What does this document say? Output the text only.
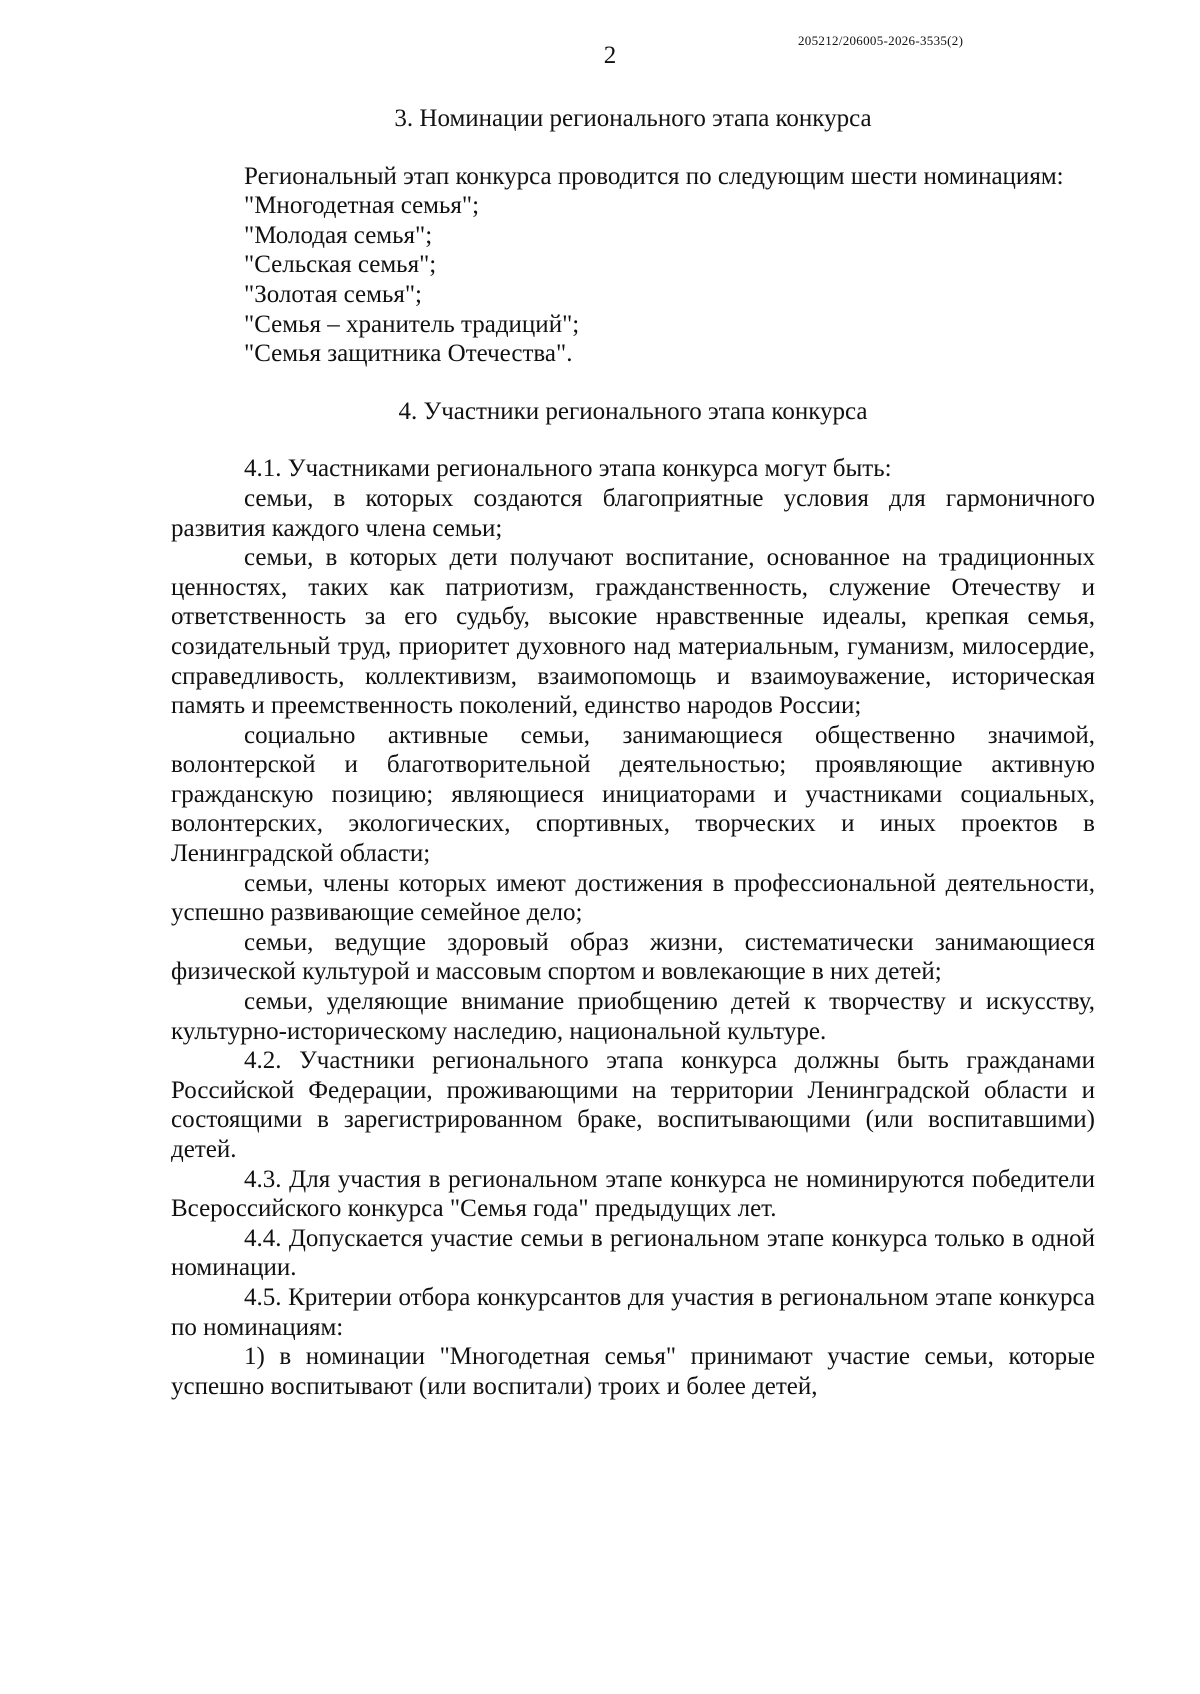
2
205212/206005-2026-3535(2)
3. Номинации регионального этапа конкурса

Региональный этап конкурса проводится по следующим шести номинациям:

"Многодетная семья";
"Молодая семья";
"Сельская семья";
"Золотая семья";
"Семья – хранитель традиций";
"Семья защитника Отечества".
4. Участники регионального этапа конкурса

4.1. Участниками регионального этапа конкурса могут быть:

семьи, в которых создаются благоприятные условия для гармоничного развития каждого члена семьи;

семьи, в которых дети получают воспитание, основанное на традиционных ценностях, таких как патриотизм, гражданственность, служение Отечеству и ответственность за его судьбу, высокие нравственные идеалы, крепкая семья, созидательный труд, приоритет духовного над материальным, гуманизм, милосердие, справедливость, коллективизм, взаимопомощь и взаимоуважение, историческая память и преемственность поколений, единство народов России;

социально активные семьи, занимающиеся общественно значимой, волонтерской и благотворительной деятельностью; проявляющие активную гражданскую позицию; являющиеся инициаторами и участниками социальных, волонтерских, экологических, спортивных, творческих и иных проектов в Ленинградской области;

семьи, члены которых имеют достижения в профессиональной деятельности, успешно развивающие семейное дело;

семьи, ведущие здоровый образ жизни, систематически занимающиеся физической культурой и массовым спортом и вовлекающие в них детей;

семьи, уделяющие внимание приобщению детей к творчеству и искусству, культурно-историческому наследию, национальной культуре.

4.2. Участники регионального этапа конкурса должны быть гражданами Российской Федерации, проживающими на территории Ленинградской области и состоящими в зарегистрированном браке, воспитывающими (или воспитавшими) детей.

4.3. Для участия в региональном этапе конкурса не номинируются победители Всероссийского конкурса "Семья года" предыдущих лет.

4.4. Допускается участие семьи в региональном этапе конкурса только в одной номинации.

4.5. Критерии отбора конкурсантов для участия в региональном этапе конкурса по номинациям:

1) в номинации "Многодетная семья" принимают участие семьи, которые успешно воспитывают (или воспитали) троих и более детей,
